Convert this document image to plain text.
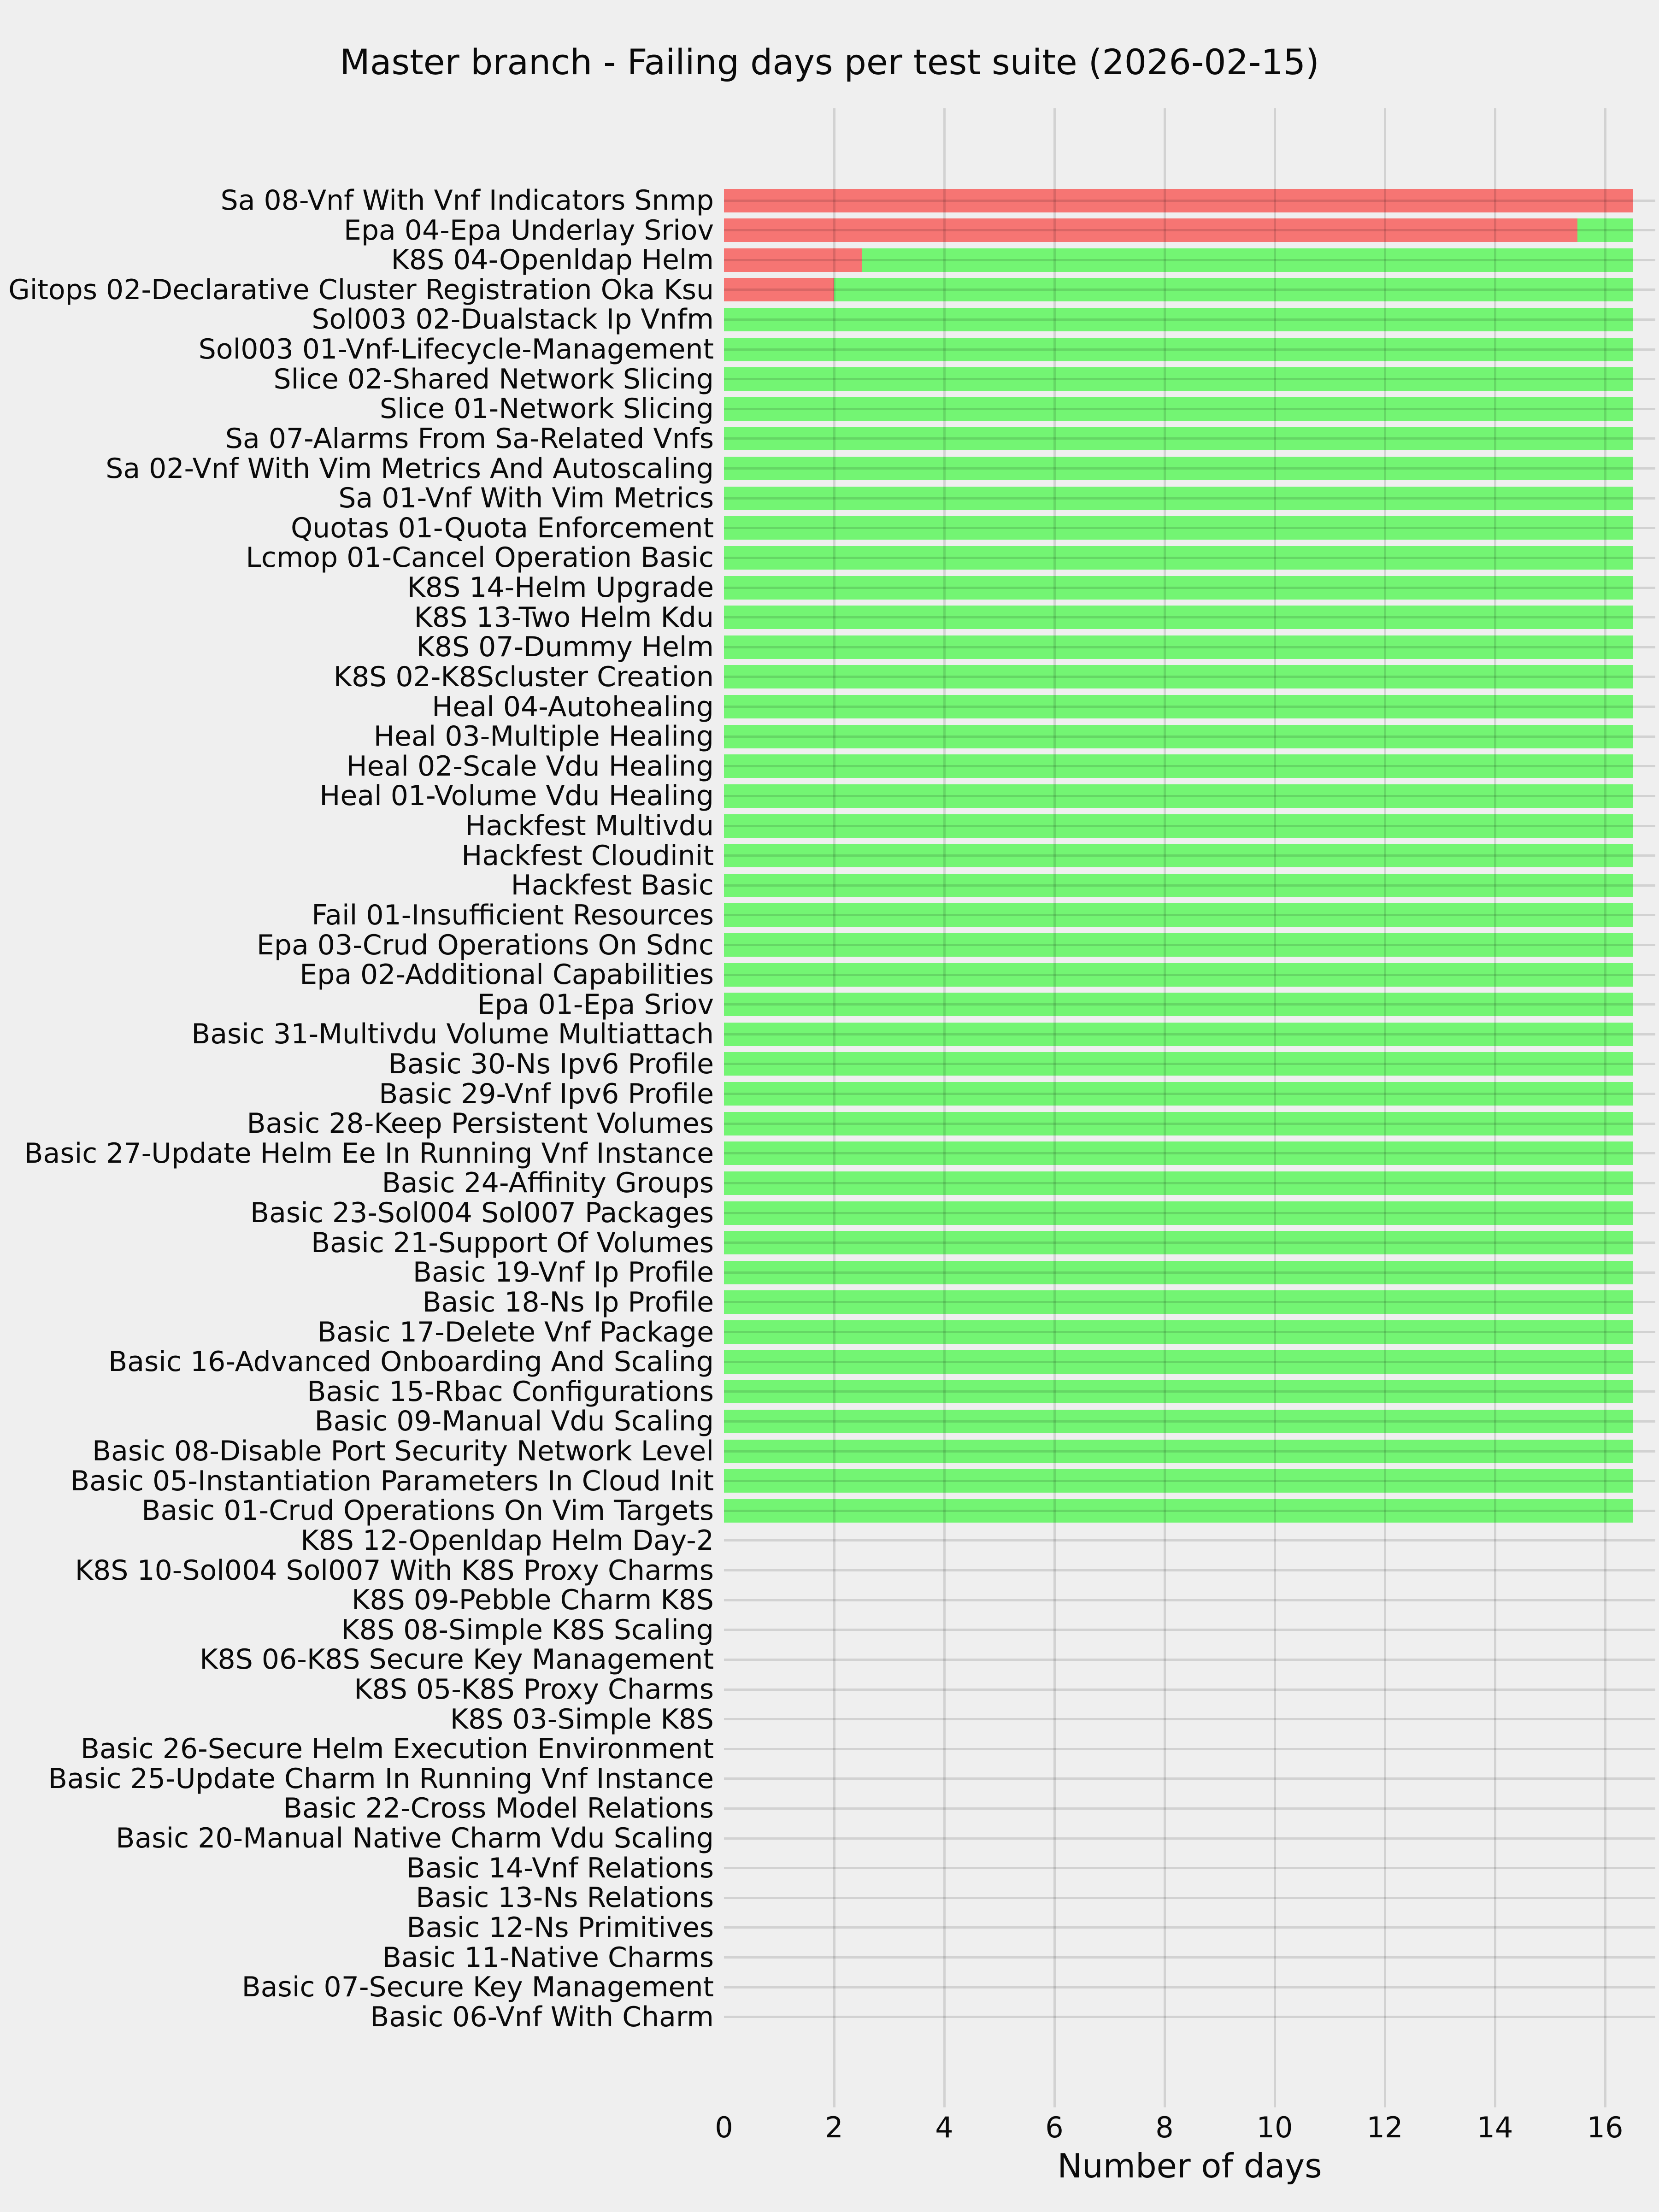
Master branch - Failing days per test suite (2026-02-15)
Number of days
Sa 08-Vnf With Vnf Indicators Snmp
Epa 04-Epa Underlay Sriov
K8S 04-Openldap Helm
Gitops 02-Declarative Cluster Registration Oka Ksu
Sol003 02-Dualstack Ip Vnfm
Sol003 01-Vnf-Lifecycle-Management
Slice 02-Shared Network Slicing
Slice 01-Network Slicing
Sa 07-Alarms From Sa-Related Vnfs
Sa 02-Vnf With Vim Metrics And Autoscaling
Sa 01-Vnf With Vim Metrics
Quotas 01-Quota Enforcement
Lcmop 01-Cancel Operation Basic
K8S 14-Helm Upgrade
K8S 13-Two Helm Kdu
K8S 07-Dummy Helm
K8S 02-K8Scluster Creation
Heal 04-Autohealing
Heal 03-Multiple Healing
Heal 02-Scale Vdu Healing
Heal 01-Volume Vdu Healing
Hackfest Multivdu
Hackfest Cloudinit
Hackfest Basic
Fail 01-Insufficient Resources
Epa 03-Crud Operations On Sdnc
Epa 02-Additional Capabilities
Epa 01-Epa Sriov
Basic 31-Multivdu Volume Multiattach
Basic 30-Ns Ipv6 Profile
Basic 29-Vnf Ipv6 Profile
Basic 28-Keep Persistent Volumes
Basic 27-Update Helm Ee In Running Vnf Instance
Basic 24-Affinity Groups
Basic 23-Sol004 Sol007 Packages
Basic 21-Support Of Volumes
Basic 19-Vnf Ip Profile
Basic 18-Ns Ip Profile
Basic 17-Delete Vnf Package
Basic 16-Advanced Onboarding And Scaling
Basic 15-Rbac Configurations
Basic 09-Manual Vdu Scaling
Basic 08-Disable Port Security Network Level
Basic 05-Instantiation Parameters In Cloud Init
Basic 01-Crud Operations On Vim Targets
K8S 12-Openldap Helm Day-2
K8S 10-Sol004 Sol007 With K8S Proxy Charms
K8S 09-Pebble Charm K8S
K8S 08-Simple K8S Scaling
K8S 06-K8S Secure Key Management
K8S 05-K8S Proxy Charms
K8S 03-Simple K8S
Basic 26-Secure Helm Execution Environment
Basic 25-Update Charm In Running Vnf Instance
Basic 22-Cross Model Relations
Basic 20-Manual Native Charm Vdu Scaling
Basic 14-Vnf Relations
Basic 13-Ns Relations
Basic 12-Ns Primitives
Basic 11-Native Charms
Basic 07-Secure Key Management
Basic 06-Vnf With Charm
0	2	4	6	8	10	12	14	16
